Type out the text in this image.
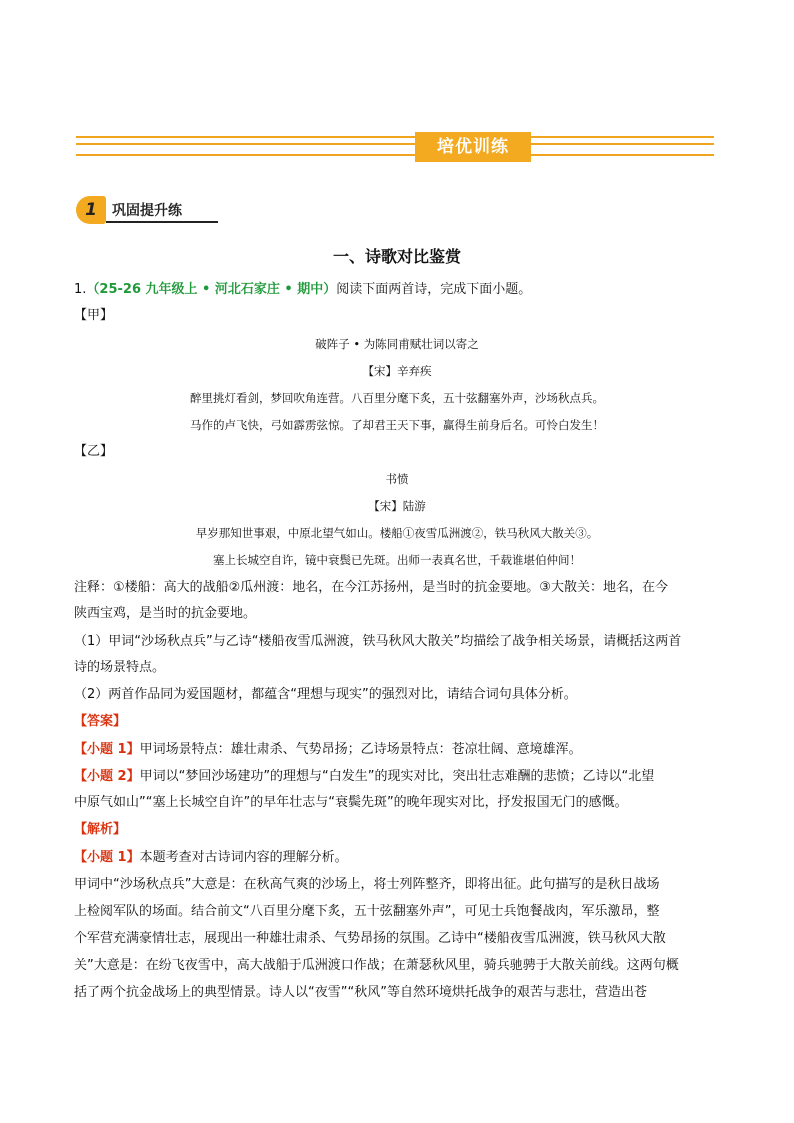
培优训练
1	巩固提升练
一、诗歌对比鉴赏
1.（25-26 九年级上 • 河北石家庄 • 期中）阅读下面两首诗，完成下面小题。
【甲】
破阵子 • 为陈同甫赋壮词以寄之
【宋】辛弃疾
醉里挑灯看剑，梦回吹角连营。八百里分麾下炙，五十弦翻塞外声，沙场秋点兵。
马作的卢飞快，弓如霹雳弦惊。了却君王天下事，赢得生前身后名。可怜白发生！
【乙】
书愤
【宋】陆游
早岁那知世事艰，中原北望气如山。楼船①夜雪瓜洲渡②，铁马秋风大散关③。
塞上长城空自许，镜中衰鬓已先斑。出师一表真名世，千载谁堪伯仲间！
注释：①楼船：高大的战船②瓜州渡：地名，在今江苏扬州，是当时的抗金要地。③大散关：地名，在今
陕西宝鸡，是当时的抗金要地。
（1）甲词“沙场秋点兵”与乙诗“楼船夜雪瓜洲渡，铁马秋风大散关”均描绘了战争相关场景，请概括这两首
诗的场景特点。
（2）两首作品同为爱国题材，都蕴含“理想与现实”的强烈对比，请结合词句具体分析。
【答案】
【小题 1】甲词场景特点：雄壮肃杀、气势昂扬；乙诗场景特点：苍凉壮阔、意境雄浑。
【小题 2】甲词以“梦回沙场建功”的理想与“白发生”的现实对比，突出壮志难酬的悲愤；乙诗以“北望
中原气如山”“塞上长城空自许”的早年壮志与“衰鬓先斑”的晚年现实对比，抒发报国无门的感慨。
【解析】
【小题 1】本题考查对古诗词内容的理解分析。
甲词中“沙场秋点兵”大意是：在秋高气爽的沙场上，将士列阵整齐，即将出征。此句描写的是秋日战场
上检阅军队的场面。结合前文“八百里分麾下炙，五十弦翻塞外声”，可见士兵饱餐战肉，军乐激昂，整
个军营充满豪情壮志，展现出一种雄壮肃杀、气势昂扬的氛围。乙诗中“楼船夜雪瓜洲渡，铁马秋风大散
关”大意是：在纷飞夜雪中，高大战船于瓜洲渡口作战；在萧瑟秋风里，骑兵驰骋于大散关前线。这两句概
括了两个抗金战场上的典型情景。诗人以“夜雪”“秋风”等自然环境烘托战争的艰苦与悲壮，营造出苍
